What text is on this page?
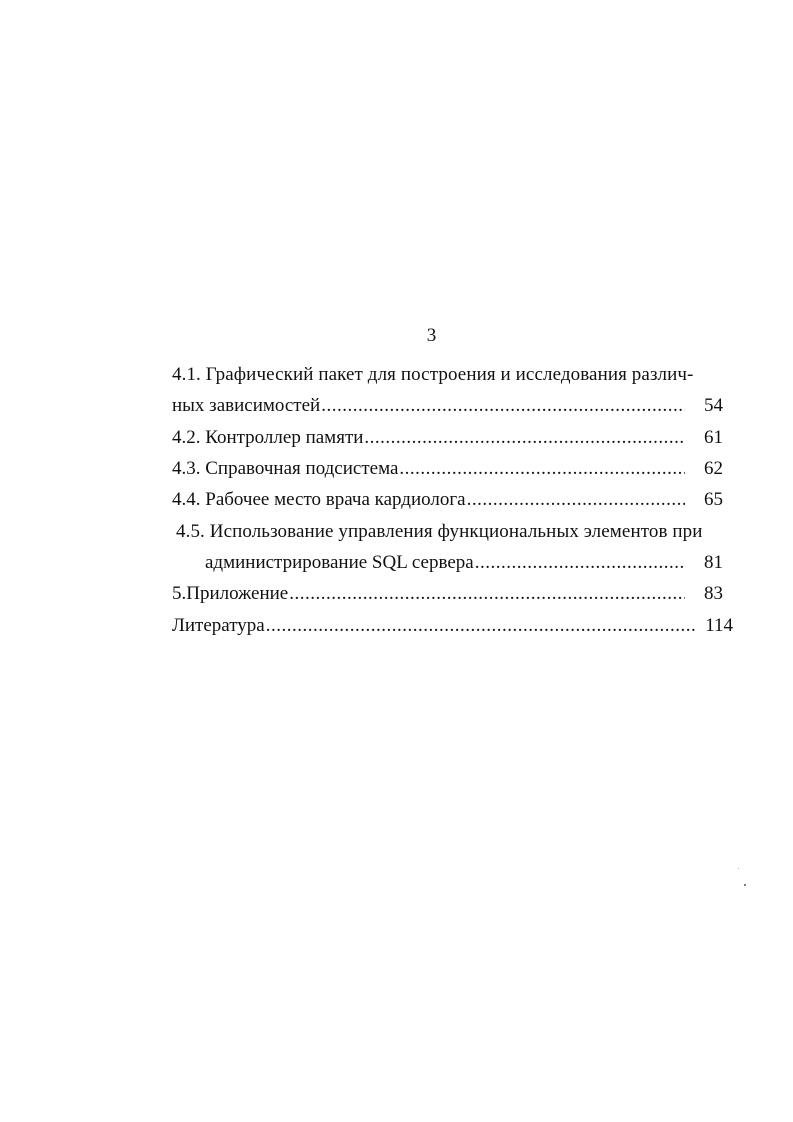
3
4.1. Графический пакет для построения и исследования различ-
ных зависимостей .....	54
4.2. Контроллер памяти .....	61
4.3. Справочная подсистема .....	62
4.4. Рабочее место врача кардиолога .....	65
4.5. Использование управления функциональных элементов при
администрирование SQL сервера .....	81
5.Приложение .....	83
Литература .....	114
